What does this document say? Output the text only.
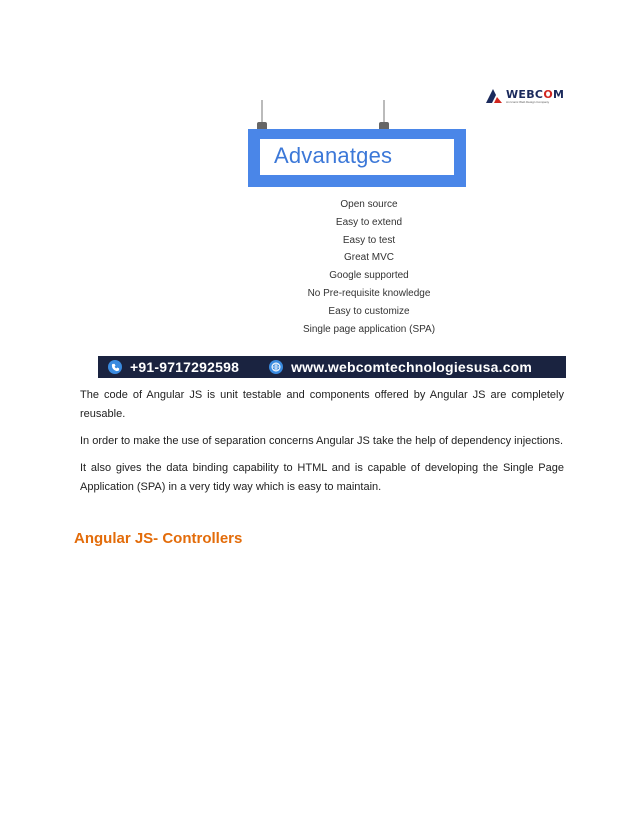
WEBCOM
An Iconic Web Design Company
Advanatges
Open source
Easy to extend
Easy to test
Great MVC
Google supported
No Pre-requisite knowledge
Easy to customize
Single page application (SPA)
+91-9717292598	www.webcomtechnologiesusa.com

The code of Angular JS is unit testable and components offered by Angular JS are completely reusable.

In order to make the use of separation concerns Angular JS take the help of dependency injections.

It also gives the data binding capability to HTML and is capable of developing the Single Page Application (SPA) in a very tidy way which is easy to maintain.

Angular JS- Controllers
